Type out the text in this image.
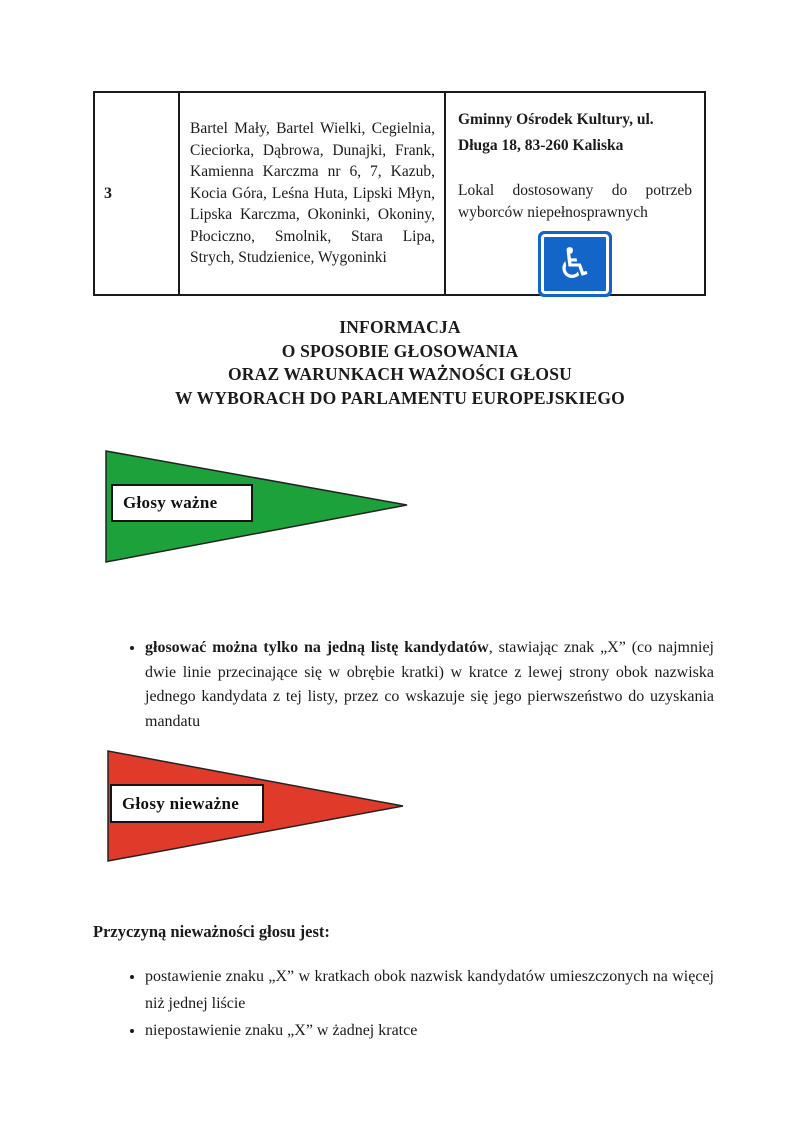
3
Bartel Mały, Bartel Wielki, Cegielnia, Cieciorka, Dąbrowa, Dunajki, Frank, Kamienna Karczma nr 6, 7, Kazub, Kocia Góra, Leśna Huta, Lipski Młyn, Lipska Karczma, Okoninki, Okoniny, Płociczno, Smolnik, Stara Lipa, Strych, Studzienice, Wygoninki

Gminny Ośrodek Kultury, ul. Długa 18, 83-260 Kaliska

Lokal dostosowany do potrzeb wyborców niepełnosprawnych

♿
INFORMACJA
O SPOSOBIE GŁOSOWANIA
ORAZ WARUNKACH WAŻNOŚCI GŁOSU
W WYBORACH DO PARLAMENTU EUROPEJSKIEGO
Głosy ważne
• głosować można tylko na jedną listę kandydatów, stawiając znak „X” (co najmniej dwie linie przecinające się w obrębie kratki) w kratce z lewej strony obok nazwiska jednego kandydata z tej listy, przez co wskazuje się jego pierwszeństwo do uzyskania mandatu
Głosy nieważne
Przyczyną nieważności głosu jest:
• postawienie znaku „X” w kratkach obok nazwisk kandydatów umieszczonych na więcej niż jednej liście
• niepostawienie znaku „X” w żadnej kratce
